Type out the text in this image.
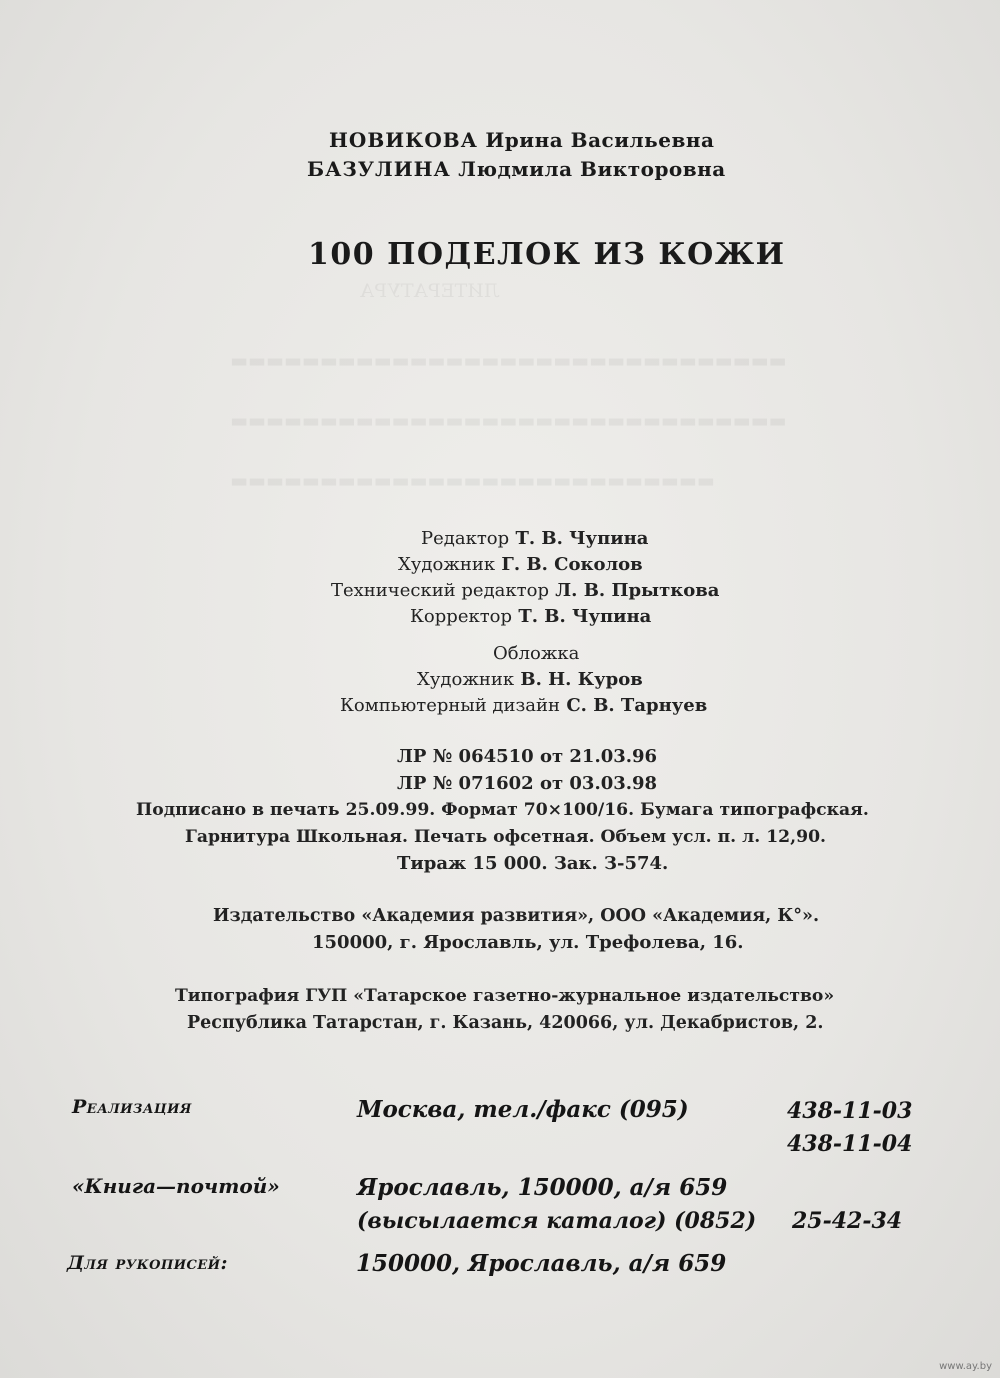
ЛИТЕРАТУРА
▬▬▬▬▬▬▬▬▬▬▬▬▬▬▬▬▬▬▬▬▬▬▬▬▬▬▬▬▬▬▬
▬▬▬▬▬▬▬▬▬▬▬▬▬▬▬▬▬▬▬▬▬▬▬▬▬▬▬▬▬▬▬
▬▬▬▬▬▬▬▬▬▬▬▬▬▬▬▬▬▬▬▬▬▬▬▬▬▬▬
НОВИКОВА Ирина Васильевна
БАЗУЛИНА Людмила Викторовна
100 ПОДЕЛОК ИЗ КОЖИ
Редактор Т. В. Чупина
Художник Г. В. Соколов
Технический редактор Л. В. Прыткова
Корректор Т. В. Чупина
Обложка
Художник В. Н. Куров
Компьютерный дизайн С. В. Тарнуев
ЛР № 064510 от 21.03.96
ЛР № 071602 от 03.03.98
Подписано в печать 25.09.99. Формат 70×100/16. Бумага типографская.
Гарнитура Школьная. Печать офсетная. Объем усл. п. л. 12,90.
Тираж 15 000. Зак. З-574.
Издательство «Академия развития», ООО «Академия, К°».
150000, г. Ярославль, ул. Трефолева, 16.
Типография ГУП «Татарское газетно-журнальное издательство»
Республика Татарстан, г. Казань, 420066, ул. Декабристов, 2.
Реализация	Москва, тел./факс (095)	438-11-03
438-11-04
«Книга—почтой»	Ярославль, 150000, а/я 659
(высылается каталог) (0852) 25-42-34
Для рукописей:	150000, Ярославль, а/я 659
www.ay.by
